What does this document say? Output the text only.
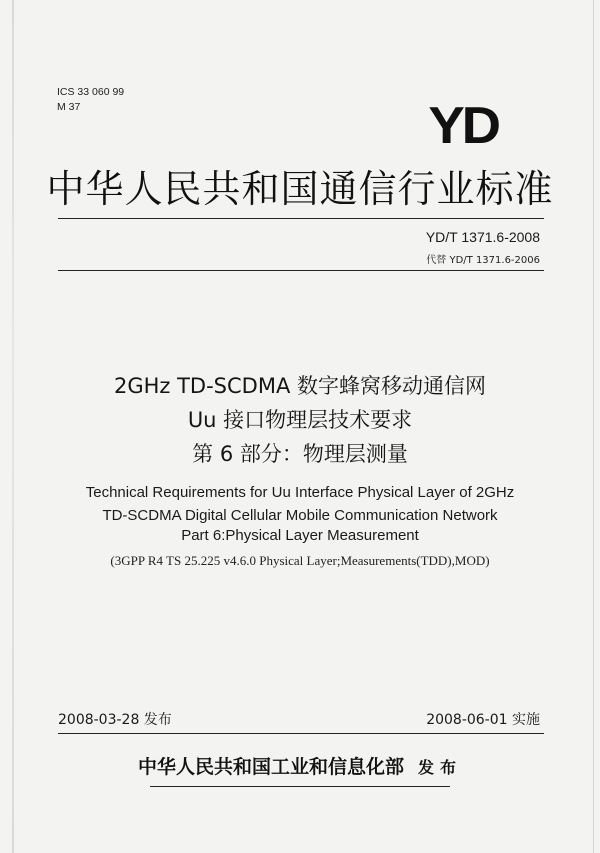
ICS 33 060 99
M 37	YD
中华人民共和国通信行业标准
YD/T 1371.6-2008
代替 YD/T 1371.6-2006
2GHz TD-SCDMA 数字蜂窝移动通信网
Uu 接口物理层技术要求
第 6 部分：物理层测量
Technical Requirements for Uu Interface Physical Layer of 2GHz
TD-SCDMA Digital Cellular Mobile Communication Network
Part 6:Physical Layer Measurement
(3GPP R4 TS 25.225 v4.6.0 Physical Layer;Measurements(TDD),MOD)
2008-03-28 发布	2008-06-01 实施
中华人民共和国工业和信息化部 发布
